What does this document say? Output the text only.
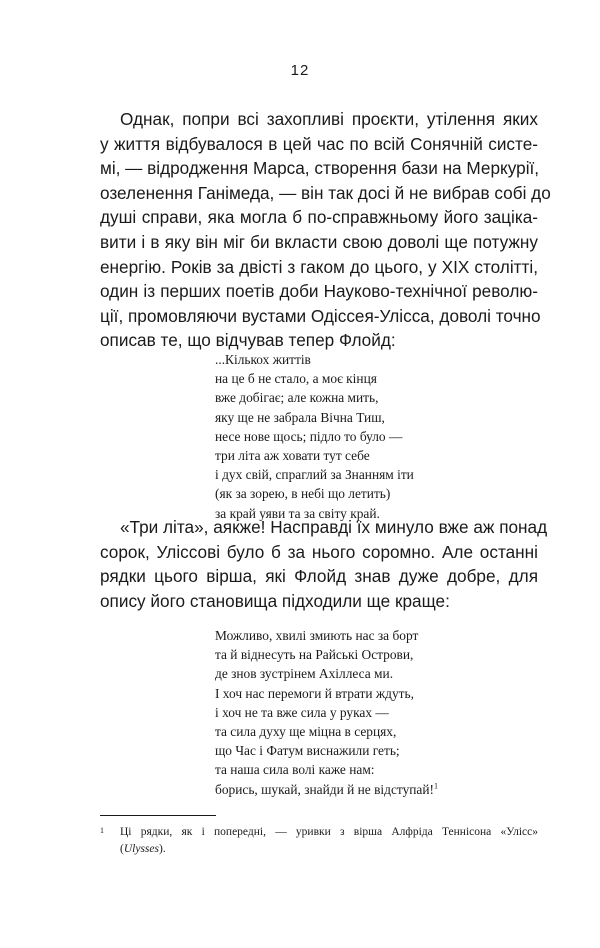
12
Однак, попри всі захопливі проєкти, утілення яких
у життя відбувалося в цей час по всій Сонячній систе-
мі, — відродження Марса, створення бази на Меркурії,
озеленення Ганімеда, — він так досі й не вибрав собі до
душі справи, яка могла б по-справжньому його заціка-
вити і в яку він міг би вкласти свою доволі ще потужну
енергію. Років за двісті з гаком до цього, у XIX столітті,
один із перших поетів доби Науково-технічної револю-
ції, промовляючи вустами Одіссея-Улісса, доволі точно
описав те, що відчував тепер Флойд:
...Кількох життів
на це б не стало, а моє кінця
вже добігає; але кожна мить,
яку ще не забрала Вічна Тиш,
несе нове щось; підло то було —
три літа аж ховати тут себе
і дух свій, спраглий за Знанням іти
(як за зорею, в небі що летить)
за край уяви та за світу край.
«Три літа», аякже! Насправді їх минуло вже аж понад
сорок, Уліссові було б за нього соромно. Але останні
рядки цього вірша, які Флойд знав дуже добре, для
опису його становища підходили ще краще:
Можливо, хвилі змиють нас за борт
та й віднесуть на Райські Острови,
де знов зустрінем Ахіллеса ми.
І хоч нас перемоги й втрати ждуть,
і хоч не та вже сила у руках —
та сила духу ще міцна в серцях,
що Час і Фатум виснажили геть;
та наша сила волі каже нам:
борись, шукай, знайди й не відступай!$^1$
1 Ці рядки, як і попередні, — уривки з вірша Алфріда Теннісона «Улісс»
(Ulysses).
